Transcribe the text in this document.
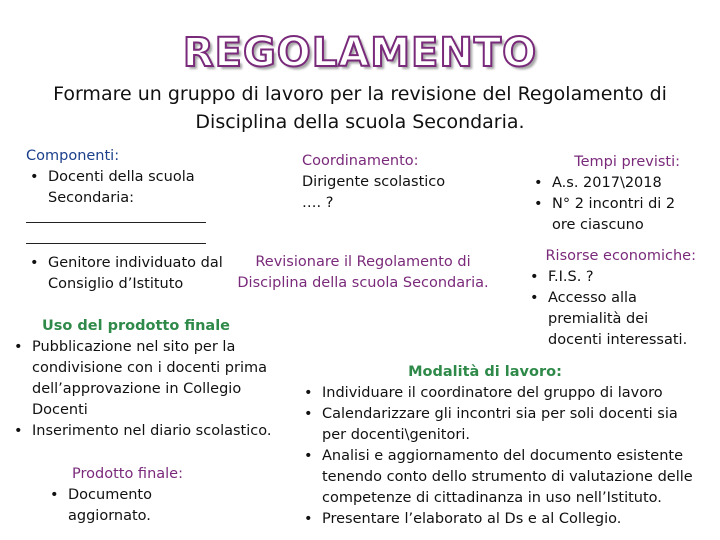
REGOLAMENTO
Formare un gruppo di lavoro per la revisione del Regolamento di Disciplina della scuola Secondaria.
Componenti:
• Docenti della scuola Secondaria:
• Genitore individuato dal Consiglio d’Istituto
Coordinamento:
Dirigente scolastico
…. ?
Tempi previsti:
• A.s. 2017\2018
• N° 2 incontri di 2 ore ciascuno
Revisionare il Regolamento di Disciplina della scuola Secondaria.
Risorse economiche:
• F.I.S. ?
• Accesso alla premialità dei docenti interessati.
Uso del prodotto finale
• Pubblicazione nel sito per la condivisione con i docenti prima dell’approvazione in Collegio Docenti
• Inserimento nel diario scolastico.
Modalità di lavoro:
• Individuare il coordinatore del gruppo di lavoro
• Calendarizzare gli incontri sia per soli docenti sia per docenti\genitori.
• Analisi e aggiornamento del documento esistente tenendo conto dello strumento di valutazione delle competenze di cittadinanza in uso nell’Istituto.
• Presentare l’elaborato al Ds e al Collegio.
Prodotto finale:
• Documento aggiornato.
